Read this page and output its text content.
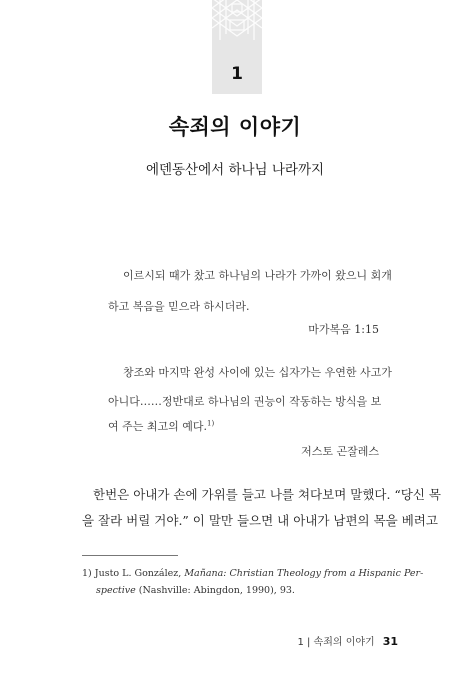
1
속죄의 이야기
에덴동산에서 하나님 나라까지
이르시되 때가 찼고 하나님의 나라가 가까이 왔으니 회개
하고 복음을 믿으라 하시더라.
마가복음 1:15
창조와 마지막 완성 사이에 있는 십자가는 우연한 사고가
아니다……정반대로 하나님의 권능이 작동하는 방식을 보
여 주는 최고의 예다.$^{1)}$
저스토 곤잘레스
한번은 아내가 손에 가위를 들고 나를 쳐다보며 말했다. “당신 목
을 잘라 버릴 거야.” 이 말만 들으면 내 아내가 남편의 목을 베려고
1) Justo L. González, Mañana: Christian Theology from a Hispanic Per-
spective (Nashville: Abingdon, 1990), 93.
1 | 속죄의 이야기 31
